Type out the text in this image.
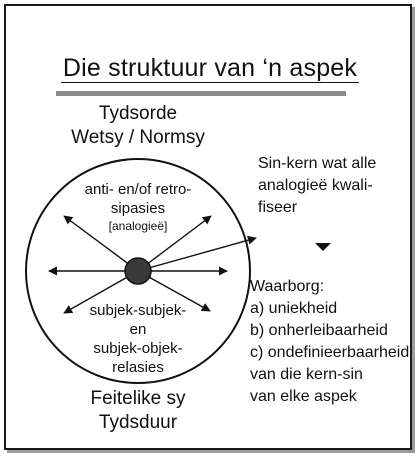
Die struktuur van ‘n aspek
Tydsorde
Wetsy / Normsy
anti- en/of retro-
sipasies
[analogieë]
subjek-subjek-
en
subjek-objek-
relasies
Feitelike sy
Tydsduur
Sin-kern wat alle
analogieë kwali-
fiseer
Waarborg:
a) uniekheid
b) onherleibaarheid
c) ondefinieerbaarheid
van die kern-sin
van elke aspek
